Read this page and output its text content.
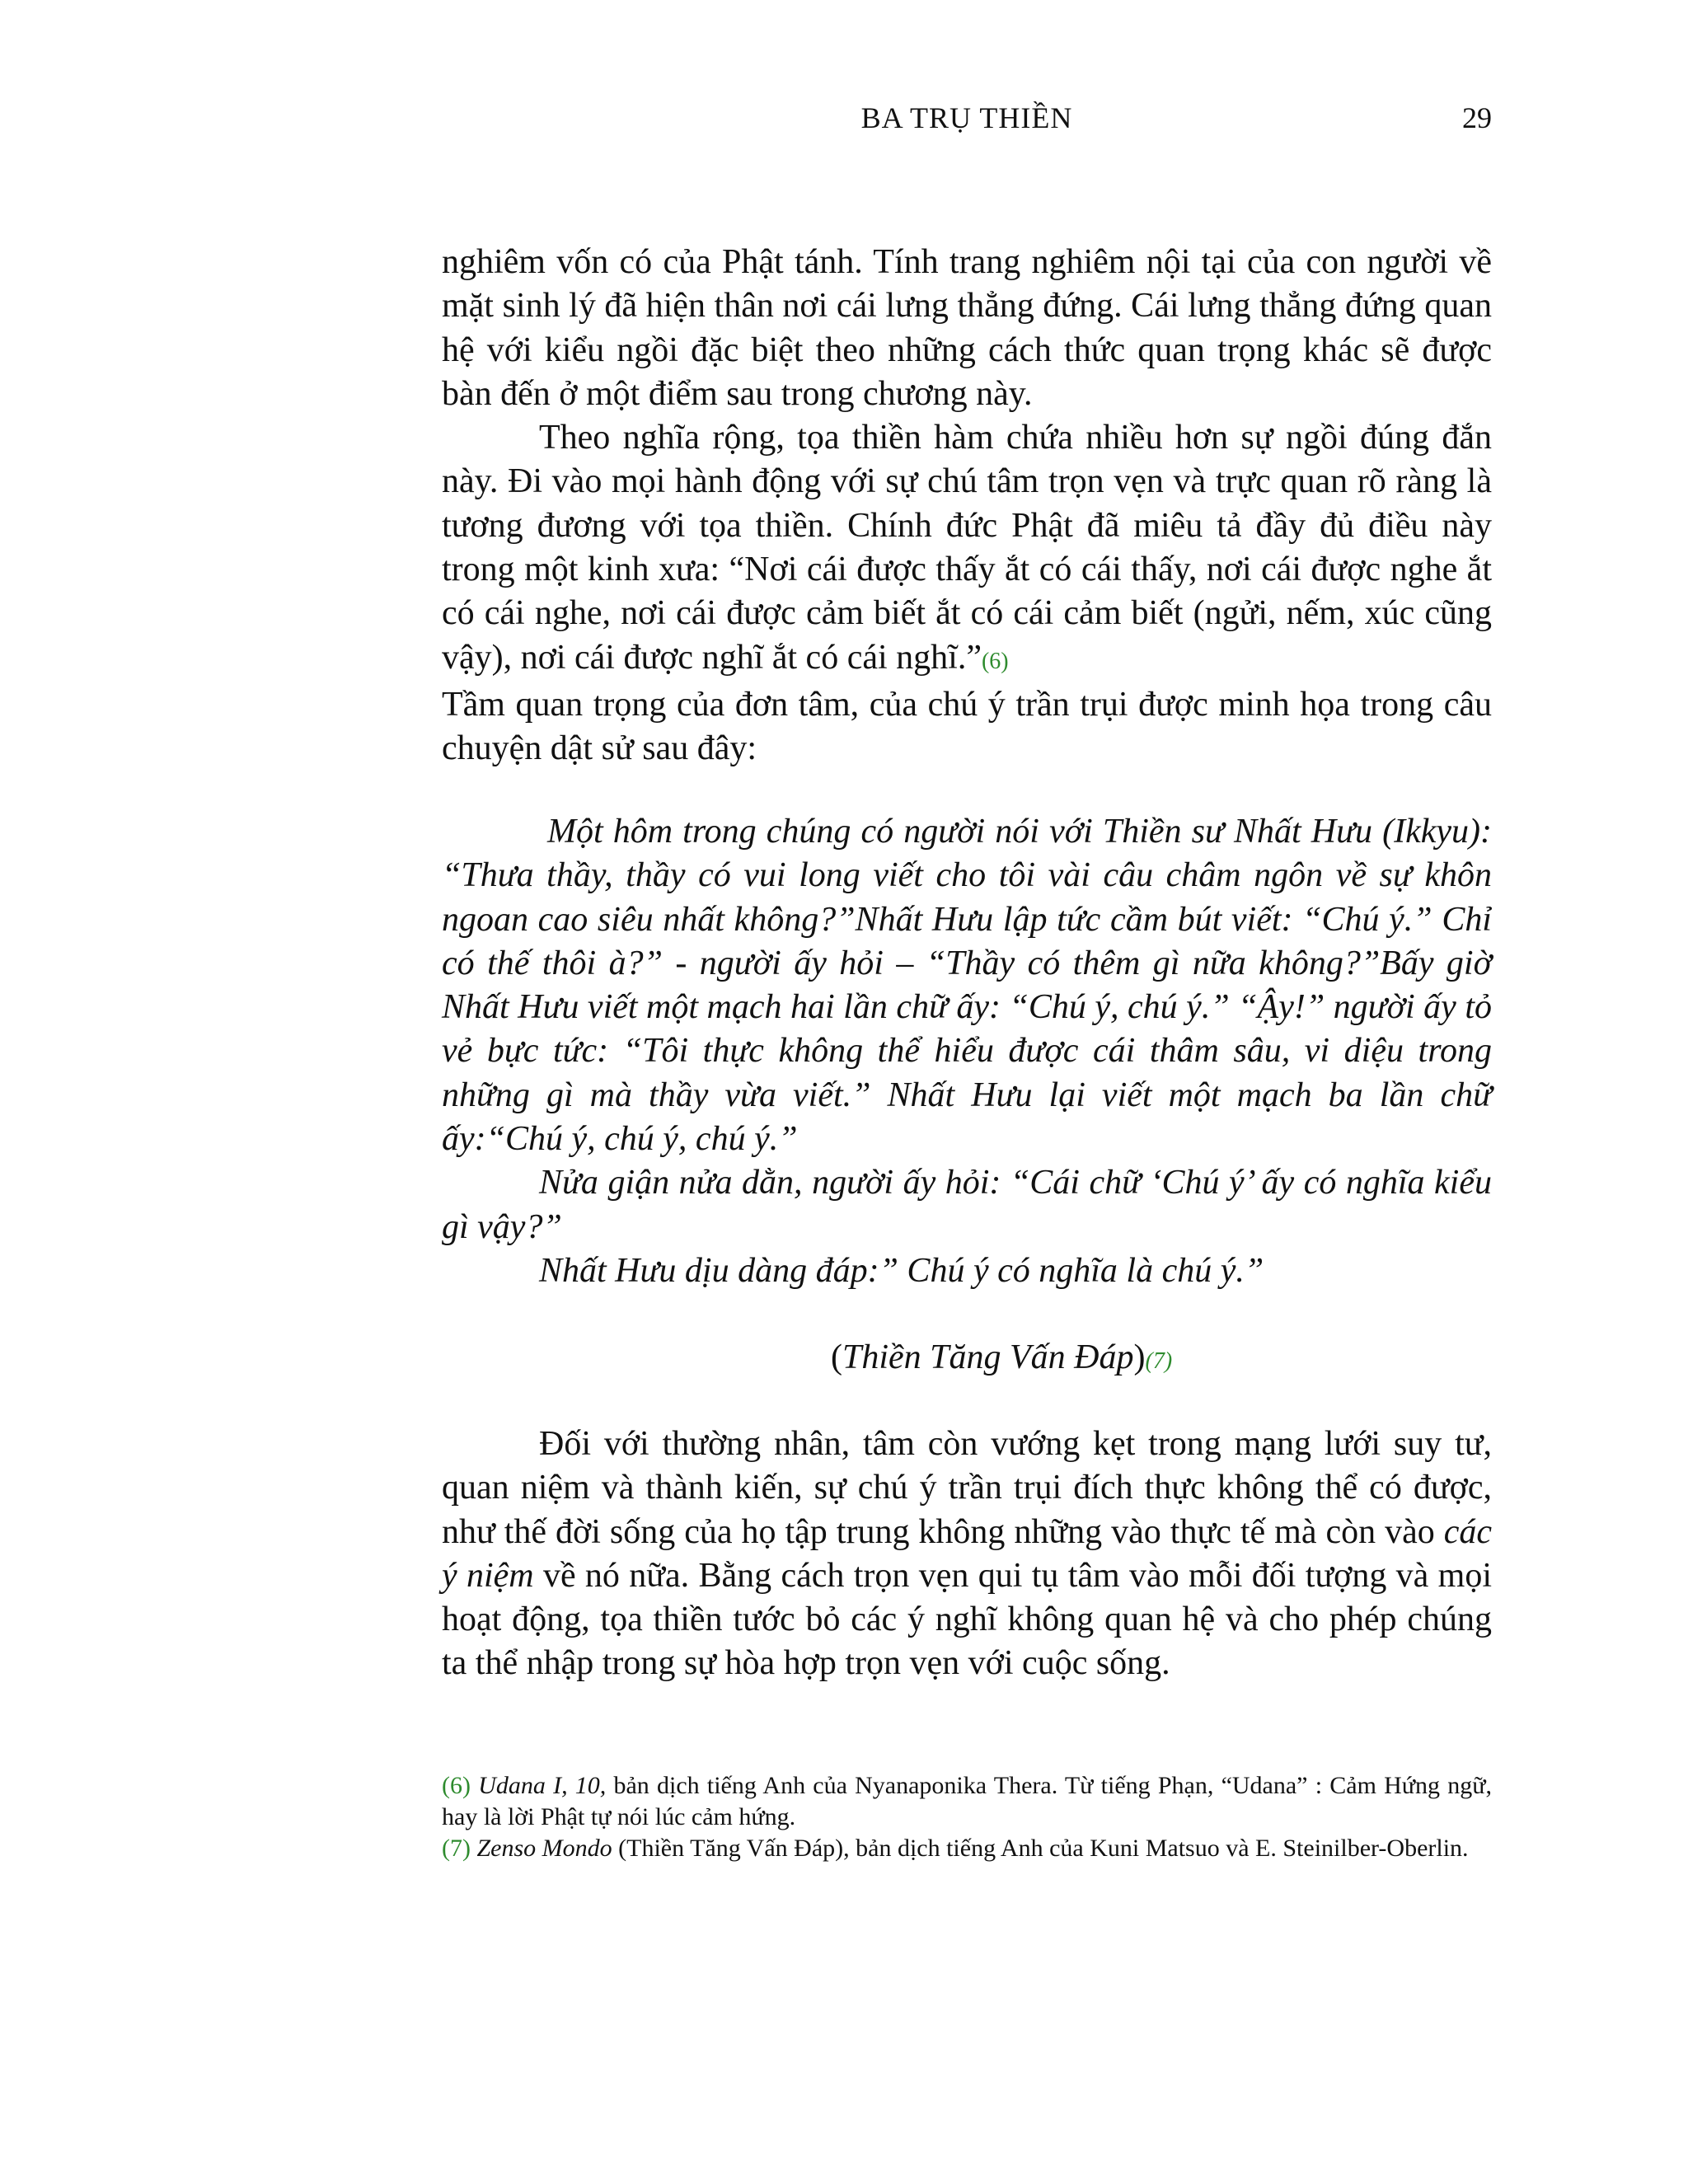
BA TRỤ THIỀN	29

nghiêm vốn có của Phật tánh. Tính trang nghiêm nội tại của con người về mặt sinh lý đã hiện thân nơi cái lưng thẳng đứng. Cái lưng thẳng đứng quan hệ với kiểu ngồi đặc biệt theo những cách thức quan trọng khác sẽ được bàn đến ở một điểm sau trong chương này.

Theo nghĩa rộng, tọa thiền hàm chứa nhiều hơn sự ngồi đúng đắn này. Đi vào mọi hành động với sự chú tâm trọn vẹn và trực quan rõ ràng là tương đương với tọa thiền. Chính đức Phật đã miêu tả đầy đủ điều này trong một kinh xưa: “Nơi cái được thấy ắt có cái thấy, nơi cái được nghe ắt có cái nghe, nơi cái được cảm biết ắt có cái cảm biết (ngửi, nếm, xúc cũng vậy), nơi cái được nghĩ ắt có cái nghĩ.”(6)

Tầm quan trọng của đơn tâm, của chú ý trần trụi được minh họa trong câu chuyện dật sử sau đây:

Một hôm trong chúng có người nói với Thiền sư Nhất Hưu (Ikkyu): “Thưa thầy, thầy có vui long viết cho tôi vài câu châm ngôn về sự khôn ngoan cao siêu nhất không?”Nhất Hưu lập tức cầm bút viết: “Chú ý.” Chỉ có thế thôi à?” - người ấy hỏi – “Thầy có thêm gì nữa không?”Bấy giờ Nhất Hưu viết một mạch hai lần chữ ấy: “Chú ý, chú ý.” “Ậy!” người ấy tỏ vẻ bực tức: “Tôi thực không thể hiểu được cái thâm sâu, vi diệu trong những gì mà thầy vừa viết.” Nhất Hưu lại viết một mạch ba lần chữ ấy:“Chú ý, chú ý, chú ý.”

Nửa giận nửa dằn, người ấy hỏi: “Cái chữ ‘Chú ý’ ấy có nghĩa kiểu gì vậy?”

Nhất Hưu dịu dàng đáp:” Chú ý có nghĩa là chú ý.”

(Thiền Tăng Vấn Đáp)(7)

Đối với thường nhân, tâm còn vướng kẹt trong mạng lưới suy tư, quan niệm và thành kiến, sự chú ý trần trụi đích thực không thể có được, như thế đời sống của họ tập trung không những vào thực tế mà còn vào các ý niệm về nó nữa. Bằng cách trọn vẹn qui tụ tâm vào mỗi đối tượng và mọi hoạt động, tọa thiền tước bỏ các ý nghĩ không quan hệ và cho phép chúng ta thể nhập trong sự hòa hợp trọn vẹn với cuộc sống.

(6) Udana I, 10, bản dịch tiếng Anh của Nyanaponika Thera. Từ tiếng Phạn, “Udana” : Cảm Hứng ngữ, hay là lời Phật tự nói lúc cảm hứng.

(7) Zenso Mondo (Thiền Tăng Vấn Đáp), bản dịch tiếng Anh của Kuni Matsuo và E. Steinilber-Oberlin.
